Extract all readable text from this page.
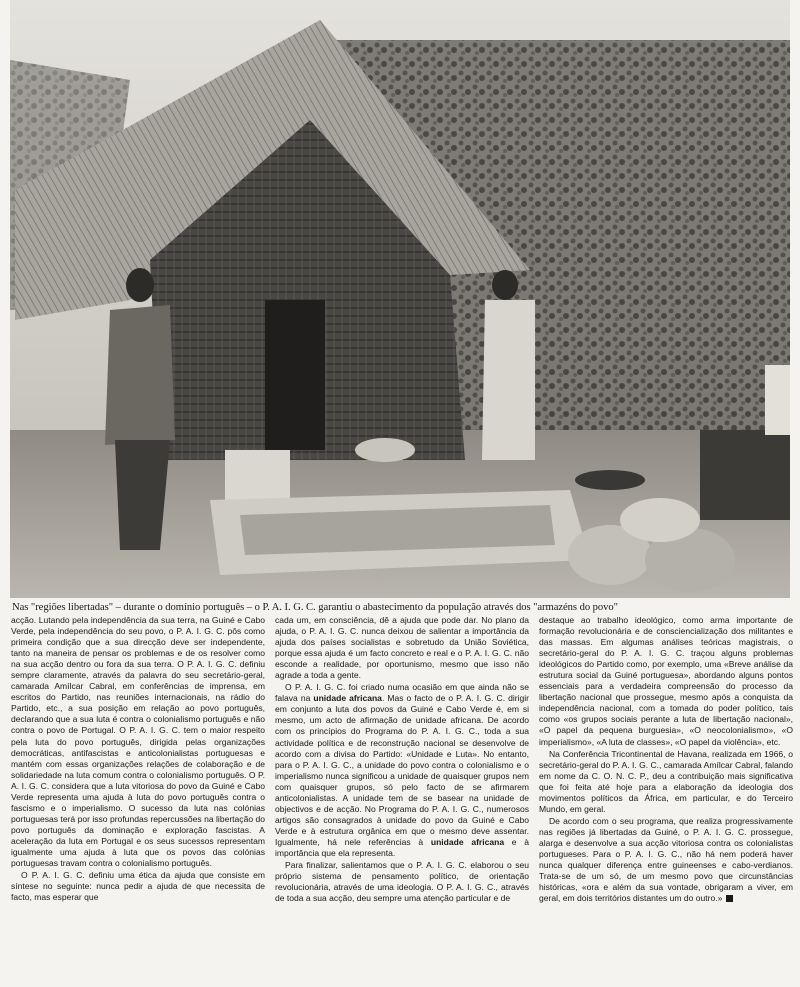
Nas "regiões libertadas" – durante o domínio português – o P. A. I. G. C. garantiu o abastecimento da população através dos "armazéns do povo"

acção. Lutando pela independência da sua terra, na Guiné e Cabo Verde, pela independência do seu povo, o P. A. I. G. C. pôs como primeira condição que a sua direcção deve ser independente, tanto na maneira de pensar os problemas e de os resolver como na sua acção dentro ou fora da sua terra. O P. A. I. G. C. definiu sempre claramente, através da palavra do seu secretário-geral, camarada Amílcar Cabral, em conferências de imprensa, em escritos do Partido, nas reuniões internacionais, na rádio do Partido, etc., a sua posição em relação ao povo português, declarando que a sua luta é contra o colonialismo português e não contra o povo de Portugal. O P. A. I. G. C. tem o maior respeito pela luta do povo português, dirigida pelas organizações democráticas, antifascistas e anticolonialistas portuguesas e mantém com essas organizações relações de colaboração e de solidariedade na luta comum contra o colonialismo português. O P. A. I. G. C. considera que a luta vitoriosa do povo da Guiné e Cabo Verde representa uma ajuda à luta do povo português contra o fascismo e o imperialismo. O sucesso da luta nas colónias portuguesas terá por isso profundas repercussões na libertação do povo português da dominação e exploração fascistas. A aceleração da luta em Portugal e os seus sucessos representam igualmente uma ajuda à luta que os povos das colónias portuguesas travam contra o colonialismo português.

O P. A. I. G. C. definiu uma ética da ajuda que consiste em síntese no seguinte: nunca pedir a ajuda de que necessita de facto, mas esperar que

cada um, em consciência, dê a ajuda que pode dar. No plano da ajuda, o P. A. I. G. C. nunca deixou de salientar a importância da ajuda dos países socialistas e sobretudo da União Soviética, porque essa ajuda é um facto concreto e real e o P. A. I. G. C. não esconde a realidade, por oportunismo, mesmo que isso não agrade a toda a gente.

O P. A. I. G. C. foi criado numa ocasião em que ainda não se falava na unidade africana. Mas o facto de o P. A. I. G. C. dirigir em conjunto a luta dos povos da Guiné e Cabo Verde é, em si mesmo, um acto de afirmação de unidade africana. De acordo com os princípios do Programa do P. A. I. G. C., toda a sua actividade política e de reconstrução nacional se desenvolve de acordo com a divisa do Partido: «Unidade e Luta». No entanto, para o P. A. I. G. C., a unidade do povo contra o colonialismo e o imperialismo nunca significou a unidade de quaisquer grupos nem com quaisquer grupos, só pelo facto de se afirmarem anticolonialistas. A unidade tem de se basear na unidade de objectivos e de acção. No Programa do P. A. I. G. C., numerosos artigos são consagrados à unidade do povo da Guiné e Cabo Verde e à estrutura orgânica em que o mesmo deve assentar. Igualmente, há nele referências à unidade africana e à importância que ela representa.

Para finalizar, salientamos que o P. A. I. G. C. elaborou o seu próprio sistema de pensamento político, de orientação revolucionária, através de uma ideologia. O P. A. I. G. C., através de toda a sua acção, deu sempre uma atenção particular e de

destaque ao trabalho ideológico, como arma importante de formação revolucionária e de consciencialização dos militantes e das massas. Em algumas análises teóricas magistrais, o secretário-geral do P. A. I. G. C. traçou alguns problemas ideológicos do Partido como, por exemplo, uma «Breve análise da estrutura social da Guiné portuguesa», abordando alguns pontos essenciais para a verdadeira compreensão do processo da libertação nacional que prossegue, mesmo após a conquista da independência nacional, com a tomada do poder político, tais como «os grupos sociais perante a luta de libertação nacional», «O papel da pequena burguesia», «O neocolonialismo», «O imperialismo», «A luta de classes», «O papel da violência», etc.

Na Conferência Tricontinental de Havana, realizada em 1966, o secretário-geral do P. A. I. G. C., camarada Amílcar Cabral, falando em nome da C. O. N. C. P., deu a contribuição mais significativa que foi feita até hoje para a elaboração da ideologia dos movimentos políticos da África, em particular, e do Terceiro Mundo, em geral.

De acordo com o seu programa, que realiza progressivamente nas regiões já libertadas da Guiné, o P. A. I. G. C. prossegue, alarga e desenvolve a sua acção vitoriosa contra os colonialistas portugueses. Para o P. A. I. G. C., não há nem poderá haver nunca qualquer diferença entre guineenses e cabo-verdianos. Trata-se de um só, de um mesmo povo que circunstâncias históricas, «ora e além da sua vontade, obrigaram a viver, em geral, em dois territórios distantes um do outro.»
